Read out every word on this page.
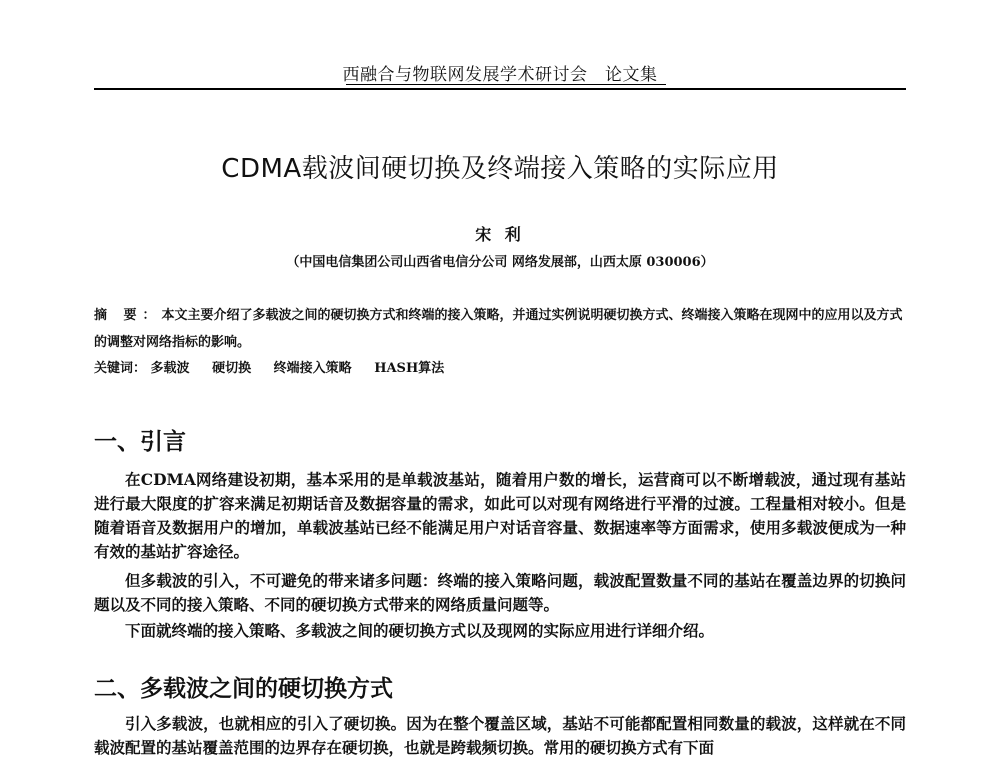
西融合与物联网发展学术研讨会　论文集
CDMA载波间硬切换及终端接入策略的实际应用
宋 利
（中国电信集团公司山西省电信分公司 网络发展部，山西太原 030006）
摘 要：本文主要介绍了多载波之间的硬切换方式和终端的接入策略，并通过实例说明硬切换方式、终端接入策略在现网中的应用以及方式的调整对网络指标的影响。
关键词： 多载波 硬切换 终端接入策略 HASH算法
一、引言

在CDMA网络建设初期，基本采用的是单载波基站，随着用户数的增长，运营商可以不断增载波，通过现有基站进行最大限度的扩容来满足初期话音及数据容量的需求，如此可以对现有网络进行平滑的过渡。工程量相对较小。但是随着语音及数据用户的增加，单载波基站已经不能满足用户对话音容量、数据速率等方面需求，使用多载波便成为一种有效的基站扩容途径。

但多载波的引入，不可避免的带来诸多问题：终端的接入策略问题，载波配置数量不同的基站在覆盖边界的切换问题以及不同的接入策略、不同的硬切换方式带来的网络质量问题等。

下面就终端的接入策略、多载波之间的硬切换方式以及现网的实际应用进行详细介绍。

二、多载波之间的硬切换方式

引入多载波，也就相应的引入了硬切换。因为在整个覆盖区域，基站不可能都配置相同数量的载波，这样就在不同载波配置的基站覆盖范围的边界存在硬切换，也就是跨载频切换。常用的硬切换方式有下面
